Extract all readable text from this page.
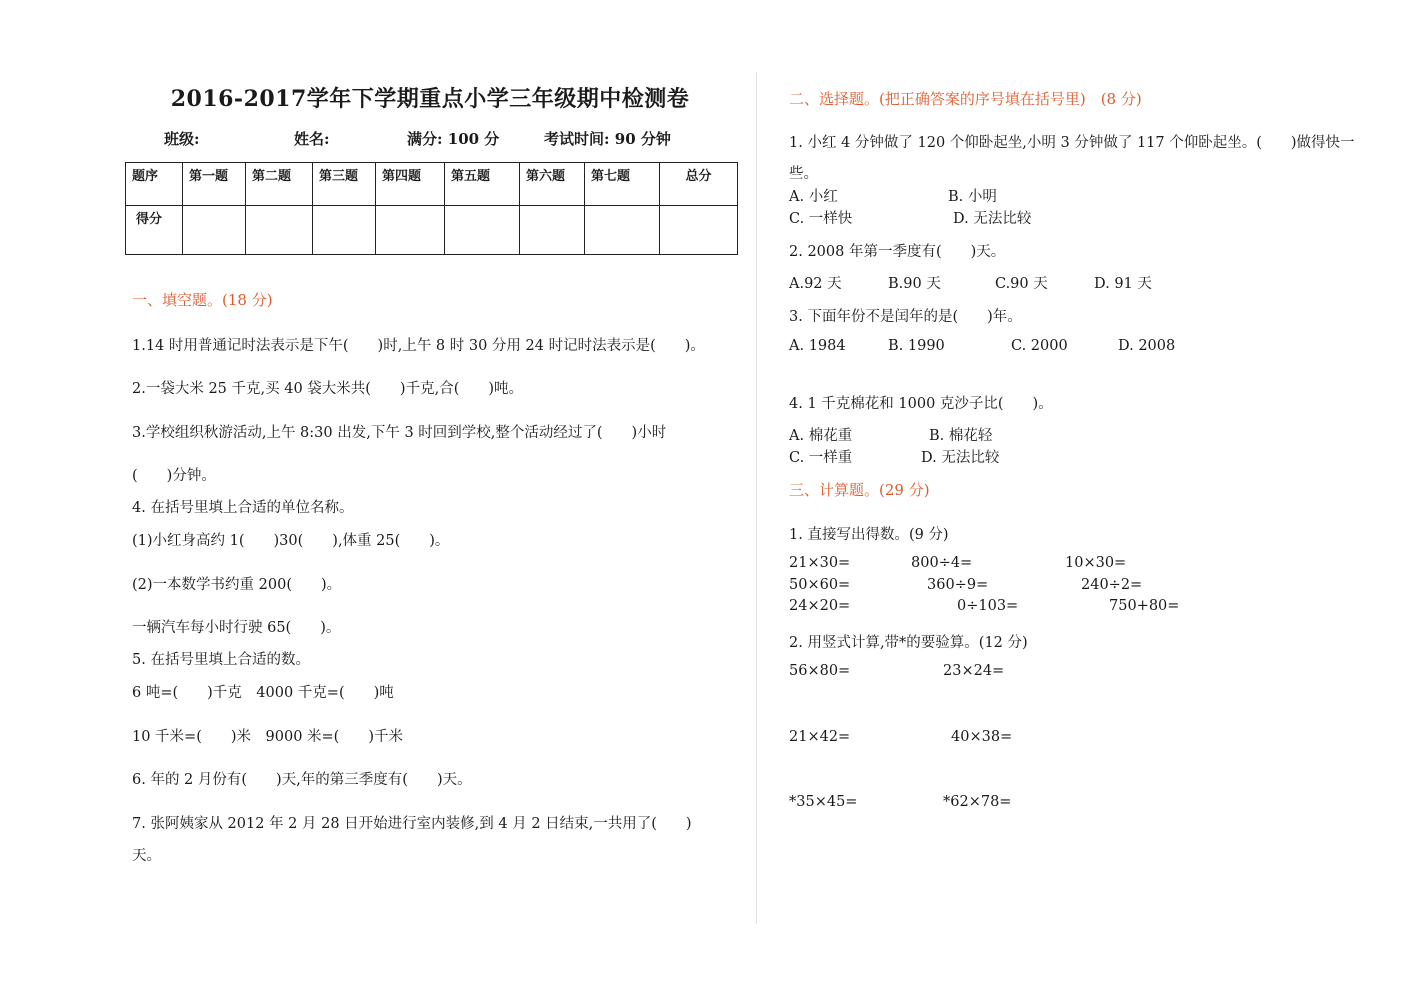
2016-2017学年下学期重点小学三年级期中检测卷
班级:	姓名:	满分: 100 分	考试时间: 90 分钟
题序	第一题	第二题	第三题	第四题	第五题	第六题	第七题	总分
得分								
一、填空题。(18 分)
1.14 时用普通记时法表示是下午(　　)时,上午 8 时 30 分用 24 时记时法表示是(　　)。
2.一袋大米 25 千克,买 40 袋大米共(　　)千克,合(　　)吨。
3.学校组织秋游活动,上午 8:30 出发,下午 3 时回到学校,整个活动经过了(　　)小时
(　　)分钟。
4. 在括号里填上合适的单位名称。
(1)小红身高约 1(　　)30(　　),体重 25(　　)。
(2)一本数学书约重 200(　　)。
一辆汽车每小时行驶 65(　　)。
5. 在括号里填上合适的数。
6 吨=(　　)千克　4000 千克=(　　)吨
10 千米=(　　)米　9000 米=(　　)千米
6. 年的 2 月份有(　　)天,年的第三季度有(　　)天。
7. 张阿姨家从 2012 年 2 月 28 日开始进行室内装修,到 4 月 2 日结束,一共用了(　　)
天。
二、选择题。(把正确答案的序号填在括号里)　(8 分)
1. 小红 4 分钟做了 120 个仰卧起坐,小明 3 分钟做了 117 个仰卧起坐。(　　)做得快一
些。
A. 小红	B. 小明
C. 一样快	D. 无法比较
2. 2008 年第一季度有(　　)天。
A.92 天	B.90 天	C.90 天	D. 91 天
3. 下面年份不是闰年的是(　　)年。
A. 1984	B. 1990	C. 2000	D. 2008
4. 1 千克棉花和 1000 克沙子比(　　)。
A. 棉花重	B. 棉花轻
C. 一样重	D. 无法比较
三、计算题。(29 分)
1. 直接写出得数。(9 分)
21×30=	800÷4=	10×30=
50×60=	360÷9=	240÷2=
24×20=	0÷103=	750+80=
2. 用竖式计算,带*的要验算。(12 分)
56×80=	23×24=
21×42=	40×38=
*35×45=	*62×78=
